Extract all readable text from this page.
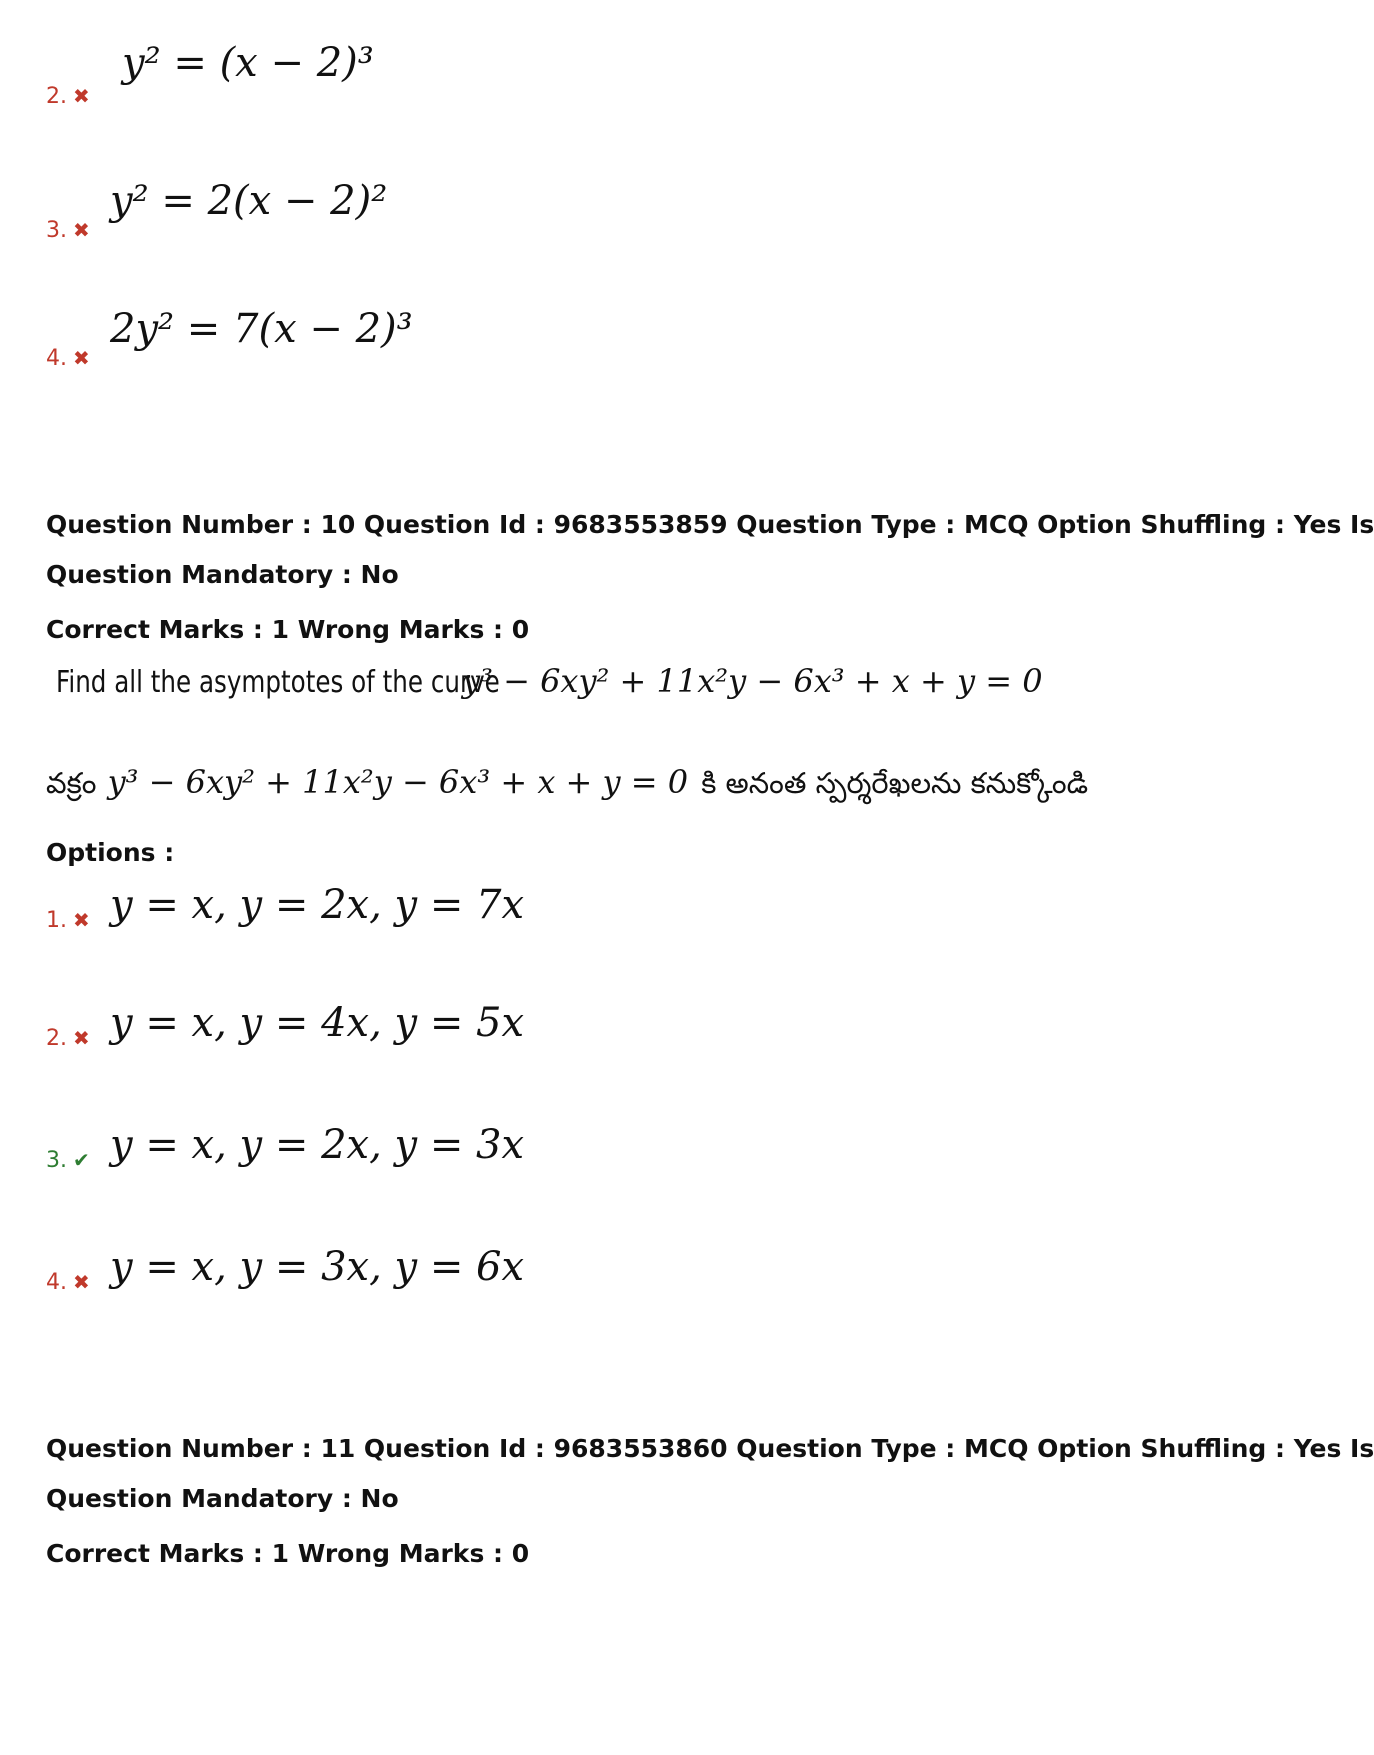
2. ✖
y² = (x − 2)³
3. ✖
y² = 2(x − 2)²
4. ✖
2y² = 7(x − 2)³
Question Number : 10 Question Id : 9683553859 Question Type : MCQ Option Shuffling : Yes Is
Question Mandatory : No
Correct Marks : 1 Wrong Marks : 0
Find all the asymptotes of the curvey³ − 6xy² + 11x²y − 6x³ + x + y = 0
వక్రం y³ − 6xy² + 11x²y − 6x³ + x + y = 0 కి అనంత స్పర్శరేఖలను కనుక్కోండి
Options :
1. ✖ y = x, y = 2x, y = 7x
2. ✖ y = x, y = 4x, y = 5x
3. ✔ y = x, y = 2x, y = 3x
4. ✖ y = x, y = 3x, y = 6x
Question Number : 11 Question Id : 9683553860 Question Type : MCQ Option Shuffling : Yes Is
Question Mandatory : No
Correct Marks : 1 Wrong Marks : 0
